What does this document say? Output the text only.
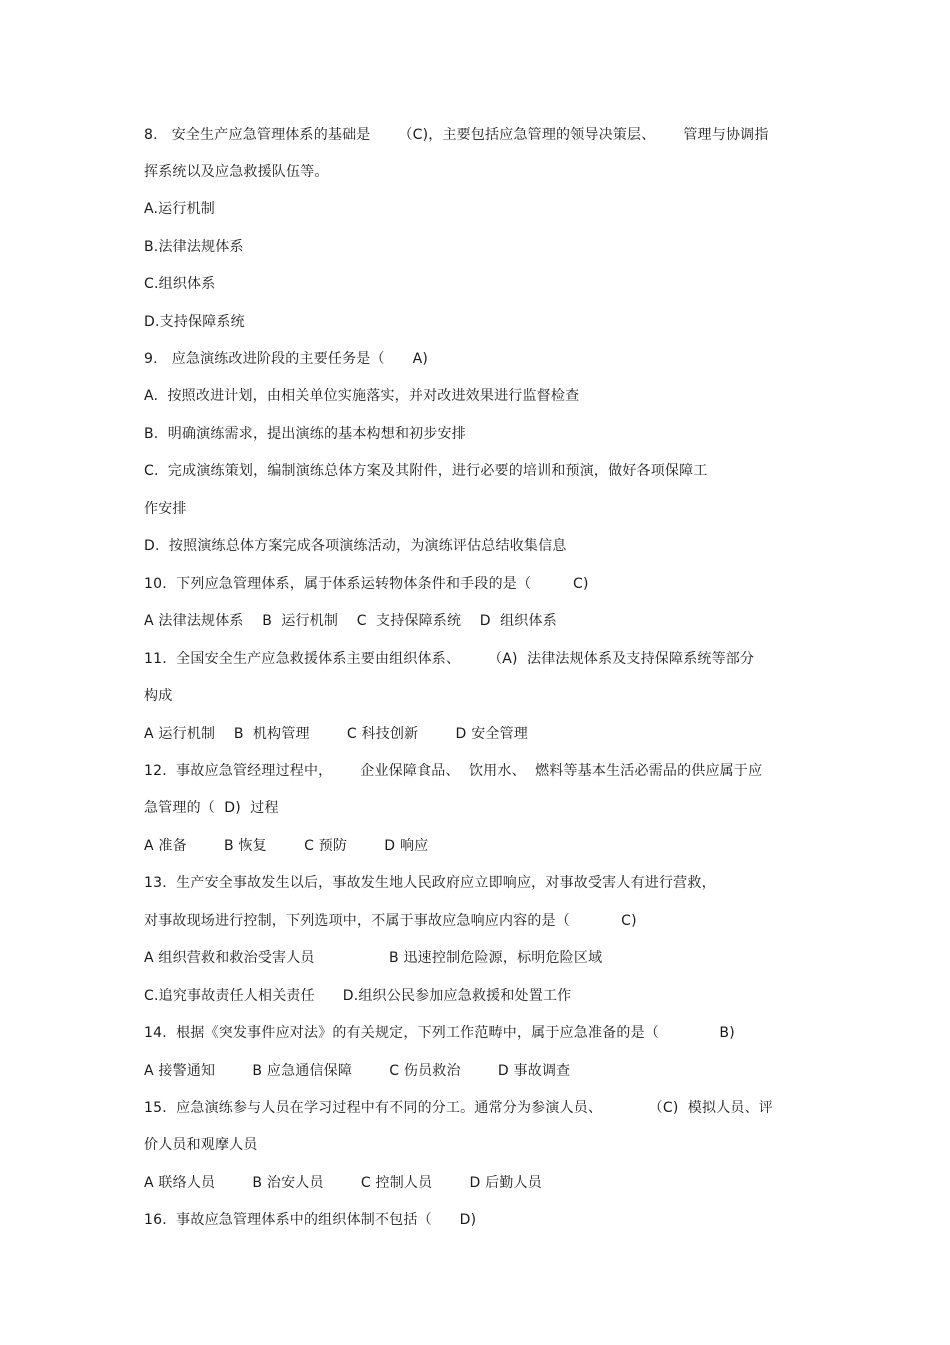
8.   安全生产应急管理体系的基础是      （C)，主要包括应急管理的领导决策层、      管理与协调指
挥系统以及应急救援队伍等。
A.运行机制
B.法律法规体系
C.组织体系
D.支持保障系统
9.   应急演练改进阶段的主要任务是（      A)
A.  按照改进计划，由相关单位实施落实，并对改进效果进行监督检查
B.  明确演练需求，提出演练的基本构想和初步安排
C.  完成演练策划，编制演练总体方案及其附件，进行必要的培训和预演，做好各项保障工
作安排
D.  按照演练总体方案完成各项演练活动，为演练评估总结收集信息
10.  下列应急管理体系，属于体系运转物体条件和手段的是（         C)
A 法律法规体系    B  运行机制    C  支持保障系统    D  组织体系
11.  全国安全生产应急救援体系主要由组织体系、      （A)  法律法规体系及支持保障系统等部分
构成
A 运行机制    B  机构管理        C 科技创新        D 安全管理
12.  事故应急管经理过程中，      企业保障食品、  饮用水、  燃料等基本生活必需品的供应属于应
急管理的（  D)  过程
A 准备        B 恢复        C 预防        D 响应
13.  生产安全事故发生以后，事故发生地人民政府应立即响应，对事故受害人有进行营救，
对事故现场进行控制，下列选项中，不属于事故应急响应内容的是（           C)
A 组织营救和救治受害人员                B 迅速控制危险源，标明危险区域
C.追究事故责任人相关责任      D.组织公民参加应急救援和处置工作
14.  根据《突发事件应对法》的有关规定，下列工作范畴中，属于应急准备的是（             B)
A 接警通知        B 应急通信保障        C 伤员救治        D 事故调查
15.  应急演练参与人员在学习过程中有不同的分工。通常分为参演人员、          （C)  模拟人员、评
价人员和观摩人员
A 联络人员        B 治安人员        C 控制人员        D 后勤人员
16.  事故应急管理体系中的组织体制不包括（      D)
